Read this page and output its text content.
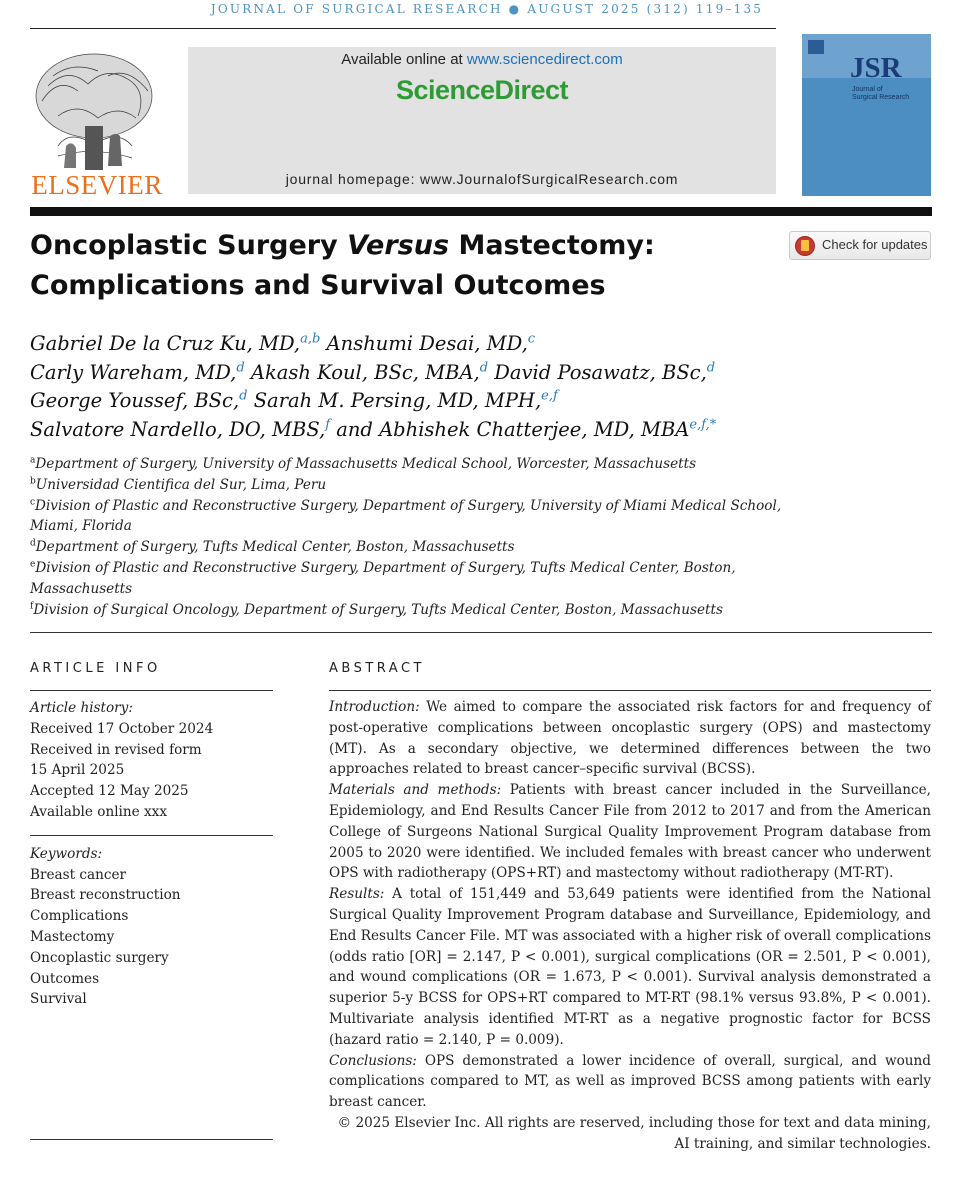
JOURNAL OF SURGICAL RESEARCH ● AUGUST 2025 (312) 119–135
ELSEVIER
Available online at www.sciencedirect.com
ScienceDirect
journal homepage: www.JournalofSurgicalResearch.com
JSR
Journal of
Surgical Research
Oncoplastic Surgery Versus Mastectomy:
Complications and Survival Outcomes
Check for updates
Gabriel De la Cruz Ku, MD,$^{a,b}$ Anshumi Desai, MD,$^c$
Carly Wareham, MD,$^d$ Akash Koul, BSc, MBA,$^d$ David Posawatz, BSc,$^d$
George Youssef, BSc,$^d$ Sarah M. Persing, MD, MPH,$^{e,f}$
Salvatore Nardello, DO, MBS,$^f$ and Abhishek Chatterjee, MD, $MBA^{e,f,*}$
$^a$Department of Surgery, University of Massachusetts Medical School, Worcester, Massachusetts
$^b$Universidad Cientifica del Sur, Lima, Peru
$^c$Division of Plastic and Reconstructive Surgery, Department of Surgery, University of Miami Medical School,
Miami, Florida
$^d$Department of Surgery, Tufts Medical Center, Boston, Massachusetts
$^e$Division of Plastic and Reconstructive Surgery, Department of Surgery, Tufts Medical Center, Boston,
Massachusetts
$^f$Division of Surgical Oncology, Department of Surgery, Tufts Medical Center, Boston, Massachusetts
ARTICLE INFO	ABSTRACT
Article history:
Received 17 October 2024
Received in revised form
15 April 2025
Accepted 12 May 2025
Available online xxx
Keywords:
Breast cancer
Breast reconstruction
Complications
Mastectomy
Oncoplastic surgery
Outcomes
Survival

Introduction: We aimed to compare the associated risk factors for and frequency of post-operative complications between oncoplastic surgery (OPS) and mastectomy (MT). As a secondary objective, we determined differences between the two approaches related to breast cancer–specific survival (BCSS).

Materials and methods: Patients with breast cancer included in the Surveillance, Epidemiology, and End Results Cancer File from 2012 to 2017 and from the American College of Surgeons National Surgical Quality Improvement Program database from 2005 to 2020 were identified. We included females with breast cancer who underwent OPS with radiotherapy (OPS+RT) and mastectomy without radiotherapy (MT-RT).

Results: A total of 151,449 and 53,649 patients were identified from the National Surgical Quality Improvement Program database and Surveillance, Epidemiology, and End Results Cancer File. MT was associated with a higher risk of overall complications (odds ratio [OR] = 2.147, P < 0.001), surgical complications (OR = 2.501, P < 0.001), and wound complications (OR = 1.673, P < 0.001). Survival analysis demonstrated a superior 5-y BCSS for OPS+RT compared to MT-RT (98.1% versus 93.8%, P < 0.001). Multivariate analysis identified MT-RT as a negative prognostic factor for BCSS (hazard ratio = 2.140, P = 0.009).

Conclusions: OPS demonstrated a lower incidence of overall, surgical, and wound complications compared to MT, as well as improved BCSS among patients with early breast cancer.

© 2025 Elsevier Inc. All rights are reserved, including those for text and data mining, AI training, and similar technologies.
